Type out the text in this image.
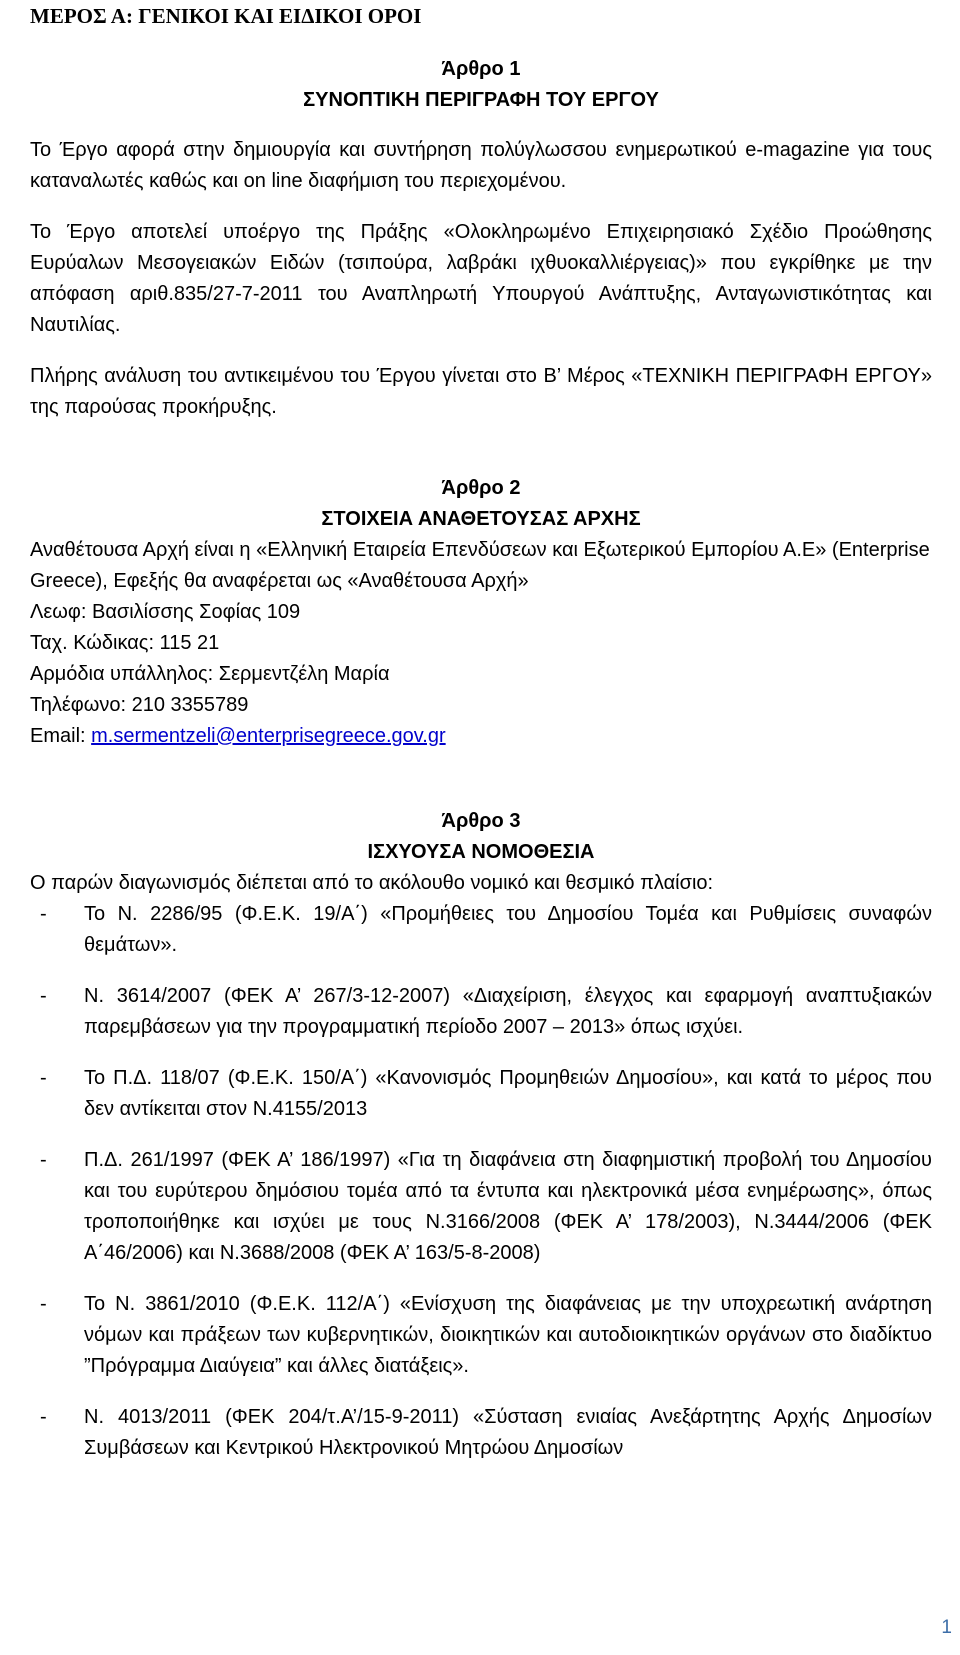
ΜΕΡΟΣ Α: ΓΕΝΙΚΟΙ ΚΑΙ ΕΙΔΙΚΟΙ ΟΡΟΙ

Άρθρο 1

ΣΥΝΟΠΤΙΚΗ ΠΕΡΙΓΡΑΦΗ ΤΟΥ ΕΡΓΟΥ

Το Έργο αφορά στην δημιουργία και συντήρηση πολύγλωσσου ενημερωτικού e-magazine για τους καταναλωτές καθώς και on line διαφήμιση του περιεχομένου.

Το Έργο αποτελεί υποέργο της Πράξης «Ολοκληρωμένο Επιχειρησιακό Σχέδιο Προώθησης Ευρύαλων Μεσογειακών Ειδών (τσιπούρα, λαβράκι ιχθυοκαλλιέργειας)» που εγκρίθηκε με την απόφαση αριθ.835/27-7-2011 του Αναπληρωτή Υπουργού Ανάπτυξης, Ανταγωνιστικότητας και Ναυτιλίας.

Πλήρης ανάλυση του αντικειμένου του Έργου γίνεται στο Β’ Μέρος «ΤΕΧΝΙΚΗ ΠΕΡΙΓΡΑΦΗ ΕΡΓΟΥ» της παρούσας προκήρυξης.

Άρθρο 2

ΣΤΟΙΧΕΙΑ ΑΝΑΘΕΤΟΥΣΑΣ ΑΡΧΗΣ

Αναθέτουσα Αρχή είναι η «Ελληνική Εταιρεία Επενδύσεων και Εξωτερικού Εμπορίου Α.Ε» (Enterprise Greece), Εφεξής θα αναφέρεται ως «Αναθέτουσα Αρχή»

Λεωφ: Βασιλίσσης Σοφίας 109

Ταχ. Κώδικας: 115 21

Αρμόδια υπάλληλος: Σερμεντζέλη Μαρία

Τηλέφωνο: 210 3355789

Email: m.sermentzeli@enterprisegreece.gov.gr

Άρθρο 3

ΙΣΧΥΟΥΣΑ ΝΟΜΟΘΕΣΙΑ

Ο παρών διαγωνισμός διέπεται από το ακόλουθο νομικό και θεσμικό πλαίσιο:

- Το Ν. 2286/95 (Φ.Ε.Κ. 19/Α΄) «Προμήθειες του Δημοσίου Τομέα και Ρυθμίσεις συναφών θεμάτων».
- Ν. 3614/2007 (ΦΕΚ Α’ 267/3-12-2007) «Διαχείριση, έλεγχος και εφαρμογή αναπτυξιακών παρεμβάσεων για την προγραμματική περίοδο 2007 – 2013» όπως ισχύει.
- Το Π.Δ. 118/07 (Φ.Ε.Κ. 150/Α΄) «Κανονισμός Προμηθειών Δημοσίου», και κατά το μέρος που δεν αντίκειται στον Ν.4155/2013
- Π.Δ. 261/1997 (ΦΕΚ Α’ 186/1997) «Για τη διαφάνεια στη διαφημιστική προβολή του Δημοσίου και του ευρύτερου δημόσιου τομέα από τα έντυπα και ηλεκτρονικά μέσα ενημέρωσης», όπως τροποποιήθηκε και ισχύει με τους Ν.3166/2008 (ΦΕΚ Α’ 178/2003), Ν.3444/2006 (ΦΕΚ Α΄46/2006) και Ν.3688/2008 (ΦΕΚ Α’ 163/5-8-2008)
- Το Ν. 3861/2010 (Φ.Ε.Κ. 112/Α΄) «Ενίσχυση της διαφάνειας με την υποχρεωτική ανάρτηση νόμων και πράξεων των κυβερνητικών, διοικητικών και αυτοδιοικητικών οργάνων στο διαδίκτυο ”Πρόγραμμα Διαύγεια” και άλλες διατάξεις».
- Ν. 4013/2011 (ΦΕΚ 204/τ.Α’/15-9-2011) «Σύσταση ενιαίας Ανεξάρτητης Αρχής Δημοσίων Συμβάσεων και Κεντρικού Ηλεκτρονικού Μητρώου Δημοσίων
1
